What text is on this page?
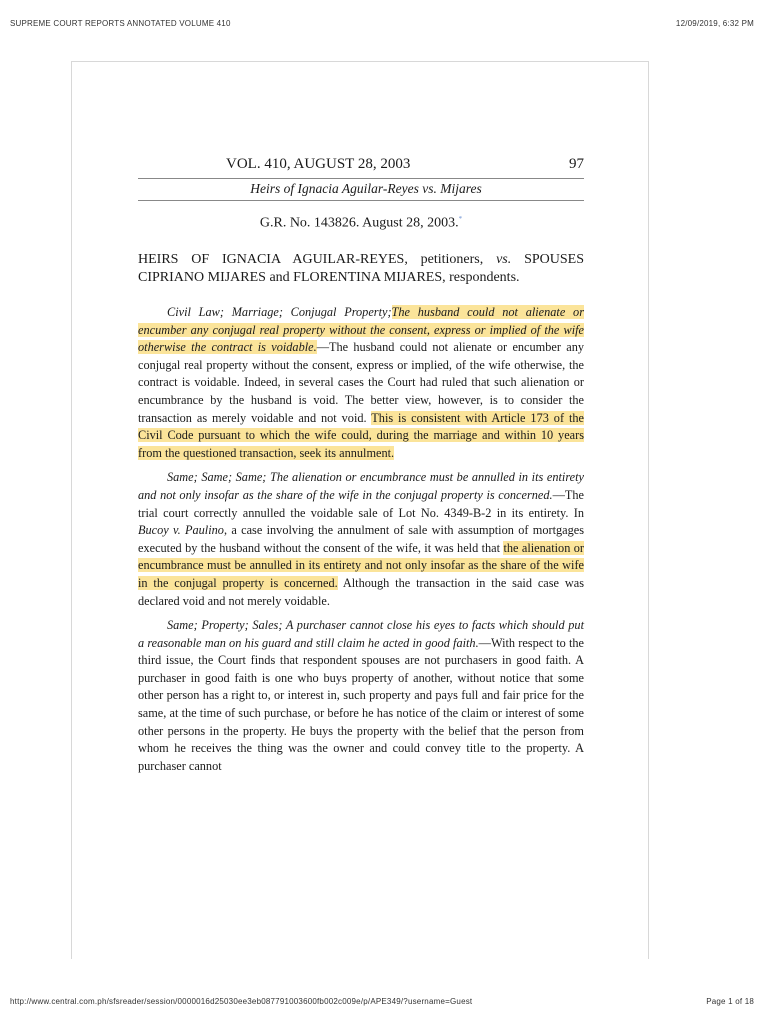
SUPREME COURT REPORTS ANNOTATED VOLUME 410	12/09/2019, 6:32 PM
VOL. 410, AUGUST 28, 2003	97
Heirs of Ignacia Aguilar-Reyes vs. Mijares
G.R. No. 143826. August 28, 2003.*

HEIRS OF IGNACIA AGUILAR-REYES, petitioners, vs. SPOUSES CIPRIANO MIJARES and FLORENTINA MIJARES, respondents.

Civil Law; Marriage; Conjugal Property;The husband could not alienate or encumber any conjugal real property without the consent, express or implied of the wife otherwise the contract is voidable.—The husband could not alienate or encumber any conjugal real property without the consent, express or implied, of the wife otherwise, the contract is voidable. Indeed, in several cases the Court had ruled that such alienation or encumbrance by the husband is void. The better view, however, is to consider the transaction as merely voidable and not void. This is consistent with Article 173 of the Civil Code pursuant to which the wife could, during the marriage and within 10 years from the questioned transaction, seek its annulment.

Same; Same; Same; The alienation or encumbrance must be annulled in its entirety and not only insofar as the share of the wife in the conjugal property is concerned.—The trial court correctly annulled the voidable sale of Lot No. 4349-B-2 in its entirety. In Bucoy v. Paulino, a case involving the annulment of sale with assumption of mortgages executed by the husband without the consent of the wife, it was held that the alienation or encumbrance must be annulled in its entirety and not only insofar as the share of the wife in the conjugal property is concerned. Although the transaction in the said case was declared void and not merely voidable.

Same; Property; Sales; A purchaser cannot close his eyes to facts which should put a reasonable man on his guard and still claim he acted in good faith.—With respect to the third issue, the Court finds that respondent spouses are not purchasers in good faith. A purchaser in good faith is one who buys property of another, without notice that some other person has a right to, or interest in, such property and pays full and fair price for the same, at the time of such purchase, or before he has notice of the claim or interest of some other persons in the property. He buys the property with the belief that the person from whom he receives the thing was the owner and could convey title to the property. A purchaser cannot

http://www.central.com.ph/sfsreader/session/0000016d25030ee3eb087791003600fb002c009e/p/APE349/?username=Guest	Page 1 of 18
